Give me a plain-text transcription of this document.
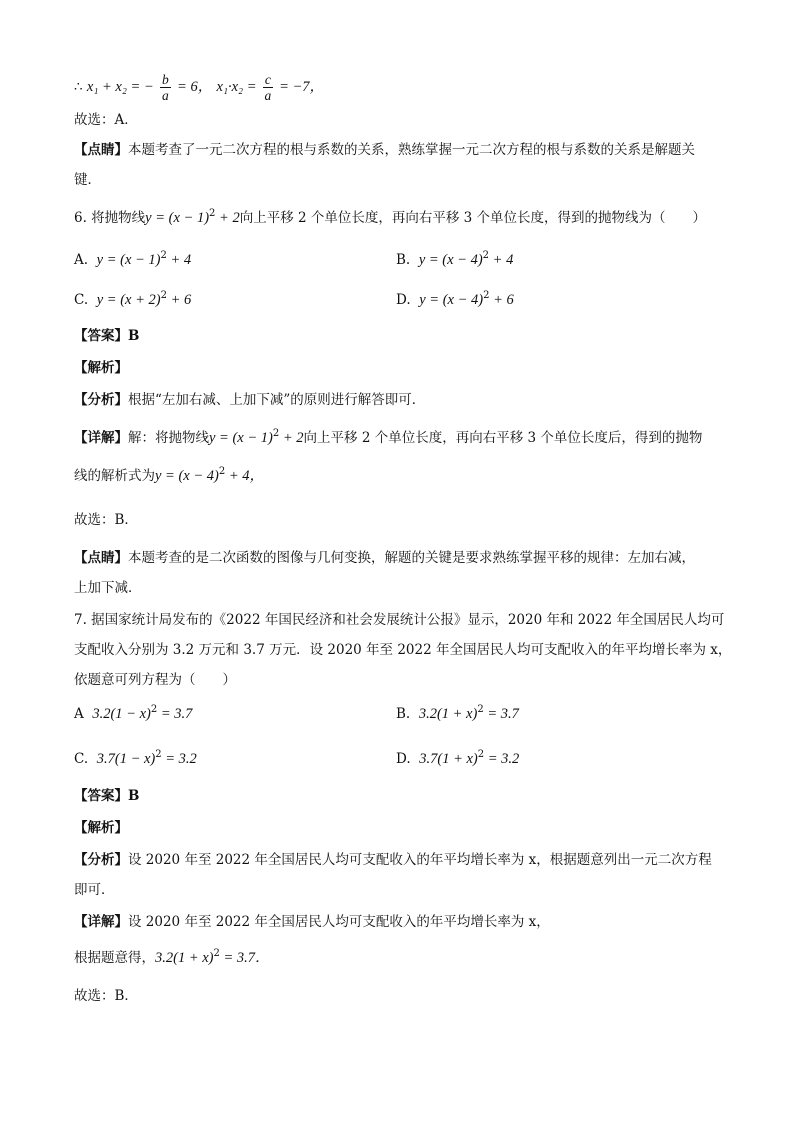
∴ x₁ + x₂ = − $\frac{b}{a} = 6$， $x_1\cdot x_2 = \frac{c}{a} = -7$，
故选：A．
【点睛】本题考查了一元二次方程的根与系数的关系，熟练掌握一元二次方程的根与系数的关系是解题关
键．
6. 将抛物线$y = (x - 1)^2 + 2$向上平移 2 个单位长度，再向右平移 3 个单位长度，得到的抛物线为（　　）
A. $y = (x - 1)^2 + 4$	B. $y = (x - 4)^2 + 4$
C. $y = (x + 2)^2 + 6$	D. $y = (x - 4)^2 + 6$
【答案】B
【解析】
【分析】根据“左加右减、上加下减”的原则进行解答即可．
【详解】解：将抛物线$y = (x - 1)^2 + 2$向上平移 2 个单位长度，再向右平移 3 个单位长度后，得到的抛物
线的解析式为$y = (x - 4)^2 + 4$，
故选：B．
【点睛】本题考查的是二次函数的图像与几何变换，解题的关键是要求熟练掌握平移的规律：左加右减，
上加下减．
7. 据国家统计局发布的《2022 年国民经济和社会发展统计公报》显示，2020 年和 2022 年全国居民人均可
支配收入分别为 3.2 万元和 3.7 万元．设 2020 年至 2022 年全国居民人均可支配收入的年平均增长率为 x，
依题意可列方程为（　　）
A $3.2(1 - x)^2 = 3.7$	B. $3.2(1 + x)^2 = 3.7$
C. $3.7(1 - x)^2 = 3.2$	D. $3.7(1 + x)^2 = 3.2$
【答案】B
【解析】
【分析】设 2020 年至 2022 年全国居民人均可支配收入的年平均增长率为 x，根据题意列出一元二次方程
即可．
【详解】设 2020 年至 2022 年全国居民人均可支配收入的年平均增长率为 x，
根据题意得，$3.2(1 + x)^2 = 3.7$．
故选：B．
